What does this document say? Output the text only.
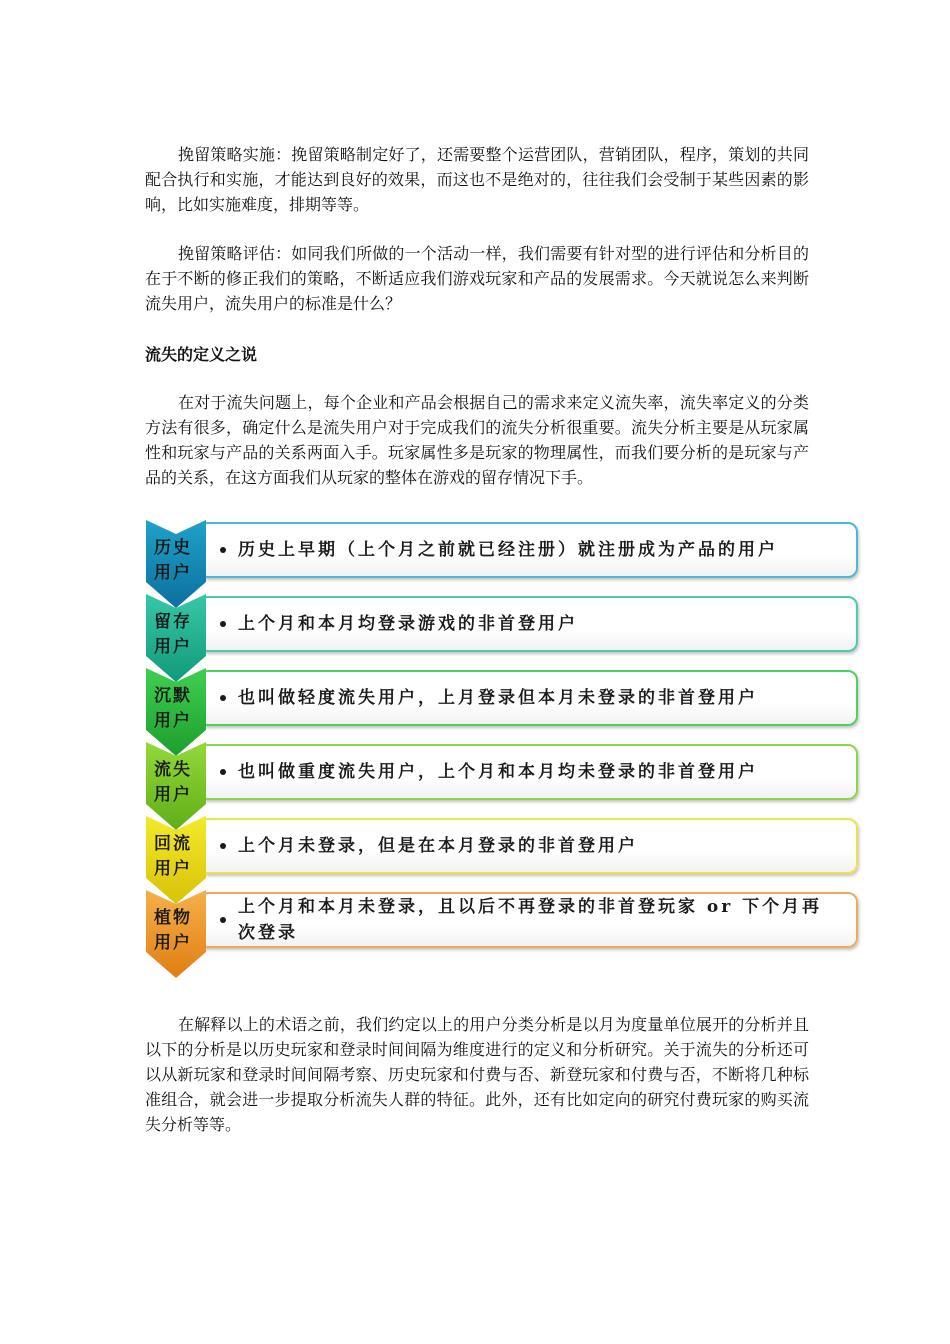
挽留策略实施：挽留策略制定好了，还需要整个运营团队，营销团队，程序，策划的共同配合执行和实施，才能达到良好的效果，而这也不是绝对的，往往我们会受制于某些因素的影响，比如实施难度，排期等等。

挽留策略评估：如同我们所做的一个活动一样，我们需要有针对型的进行评估和分析目的在于不断的修正我们的策略，不断适应我们游戏玩家和产品的发展需求。今天就说怎么来判断流失用户，流失用户的标准是什么？

流失的定义之说

在对于流失问题上，每个企业和产品会根据自己的需求来定义流失率，流失率定义的分类方法有很多，确定什么是流失用户对于完成我们的流失分析很重要。流失分析主要是从玩家属性和玩家与产品的关系两面入手。玩家属性多是玩家的物理属性，而我们要分析的是玩家与产品的关系，在这方面我们从玩家的整体在游戏的留存情况下手。

历史上早期（上个月之前就已经注册）就注册成为产品的用户
历史用户
上个月和本月均登录游戏的非首登用户
留存用户
也叫做轻度流失用户，上月登录但本月未登录的非首登用户
沉默用户
也叫做重度流失用户，上个月和本月均未登录的非首登用户
流失用户
上个月未登录，但是在本月登录的非首登用户
回流用户
上个月和本月未登录，且以后不再登录的非首登玩家 or 下个月再次登录
植物用户

在解释以上的术语之前，我们约定以上的用户分类分析是以月为度量单位展开的分析并且以下的分析是以历史玩家和登录时间间隔为维度进行的定义和分析研究。关于流失的分析还可以从新玩家和登录时间间隔考察、历史玩家和付费与否、新登玩家和付费与否，不断将几种标准组合，就会进一步提取分析流失人群的特征。此外，还有比如定向的研究付费玩家的购买流失分析等等。
